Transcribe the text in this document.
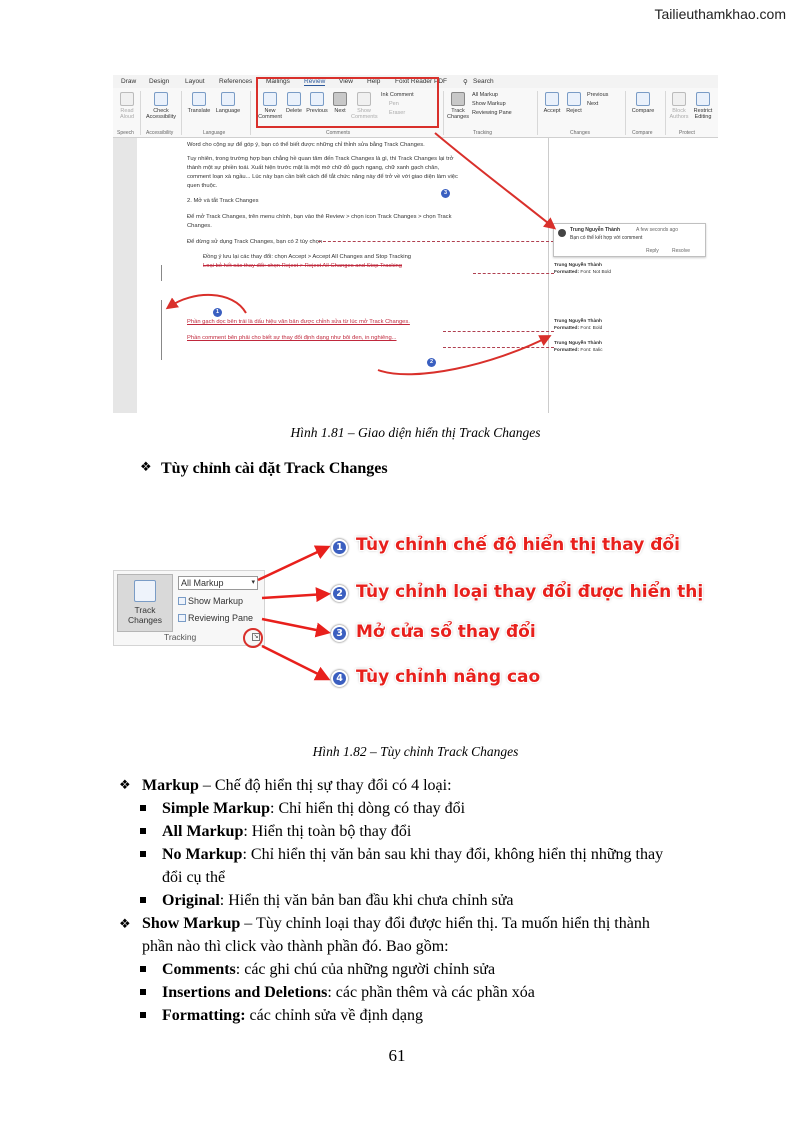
Tailieuthamkhao.com
Draw Design Layout References Mailings Review View Help Foxit Reader PDF ⚲ Search
Read Aloud
Check Accessibility
Translate Language	New Comment
Delete Previous	Next	Show Comments
Ink Comment
Pen
Eraser	Track Changes
All Markup
Show Markup
Reviewing Pane	Accept	Reject
Previous
Next
Compare	Block Authors
Restrict Editing
Speech Accessibility	Language	Comments	Tracking	Changes	Compare	Protect
Word cho cộng sự để góp ý, bạn có thể biết được những chỉ thỉnh sửa bằng Track Changes.
Tuy nhiên, trong trường hợp bạn chẳng hề quan tâm đến Track Changes là gì, thì Track Changes lại trở
thành một sự phiền toái. Xuất hiện trước mặt là một mớ chữ đỏ gạch ngang, chữ xanh gạch chân,
comment loạn xà ngầu... Lúc này bạn cần biết cách để tắt chức năng này để trở về với giao diện làm việc
quen thuộc.
2. Mở và tắt Track Changes
Để mở Track Changes, trên menu chính, bạn vào thẻ Review > chọn icon Track Changes > chọn Track
Changes.
Để dừng sử dụng Track Changes, bạn có 2 tùy chọn
Đồng ý lưu lại các thay đổi: chọn Accept > Accept All Changes and Stop Tracking
Loại bỏ hết các thay đổi: chọn Reject > Reject All Changes and Stop Tracking
Phần gạch dọc bên trái là dấu hiệu văn bản được chỉnh sửa từ lúc mở Track Changes.
Phần comment bên phải cho biết sự thay đổi định dạng như bôi đen, in nghiêng...
Trung Nguyễn Thành	A few seconds ago
Bạn có thể kết hợp với comment
Reply	Resolve
Trung Nguyễn Thành
Formatted: Font: Not Bold
Trung Nguyễn Thành
Formatted: Font: Bold
Trung Nguyễn Thành
Formatted: Font: Italic
1
2
3
Hình 1.81 – Giao diện hiển thị Track Changes
❖ Tùy chỉnh cài đặt Track Changes
Track
Changes
All Markup	▾
Show Markup
Reviewing Pane
Tracking	↘
1 Tùy chỉnh chế độ hiển thị thay đổi
2 Tùy chỉnh loại thay đổi được hiển thị
3 Mở cửa sổ thay đổi
4 Tùy chỉnh nâng cao
Hình 1.82 – Tùy chỉnh Track Changes
❖ Markup – Chế độ hiển thị sự thay đổi có 4 loại:
Simple Markup: Chỉ hiển thị dòng có thay đổi
All Markup: Hiển thị toàn bộ thay đổi
No Markup: Chỉ hiển thị văn bản sau khi thay đổi, không hiển thị những thay
đổi cụ thể
Original: Hiển thị văn bản ban đầu khi chưa chỉnh sửa
❖ Show Markup – Tùy chỉnh loại thay đổi được hiển thị. Ta muốn hiển thị thành
phần nào thì click vào thành phần đó. Bao gồm:
Comments: các ghi chú của những người chỉnh sửa
Insertions and Deletions: các phần thêm và các phần xóa
Formatting: các chỉnh sửa về định dạng
61
